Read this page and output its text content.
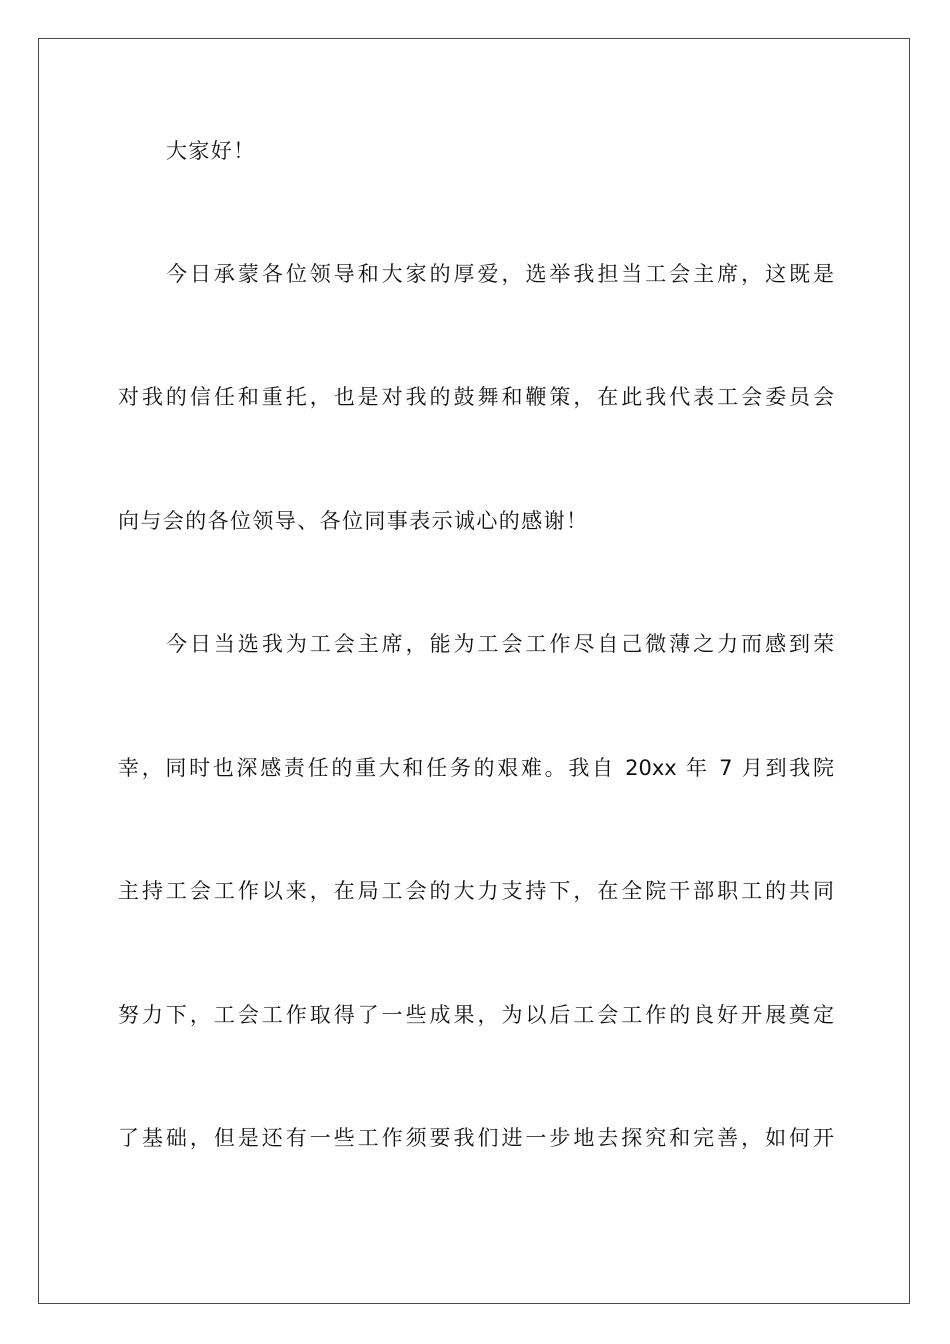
大家好！
今日承蒙各位领导和大家的厚爱，选举我担当工会主席，这既是
对我的信任和重托，也是对我的鼓舞和鞭策，在此我代表工会委员会
向与会的各位领导、各位同事表示诚心的感谢！
今日当选我为工会主席，能为工会工作尽自己微薄之力而感到荣
幸，同时也深感责任的重大和任务的艰难。我自 20xx 年 7 月到我院
主持工会工作以来，在局工会的大力支持下，在全院干部职工的共同
努力下，工会工作取得了一些成果，为以后工会工作的良好开展奠定
了基础，但是还有一些工作须要我们进一步地去探究和完善，如何开
